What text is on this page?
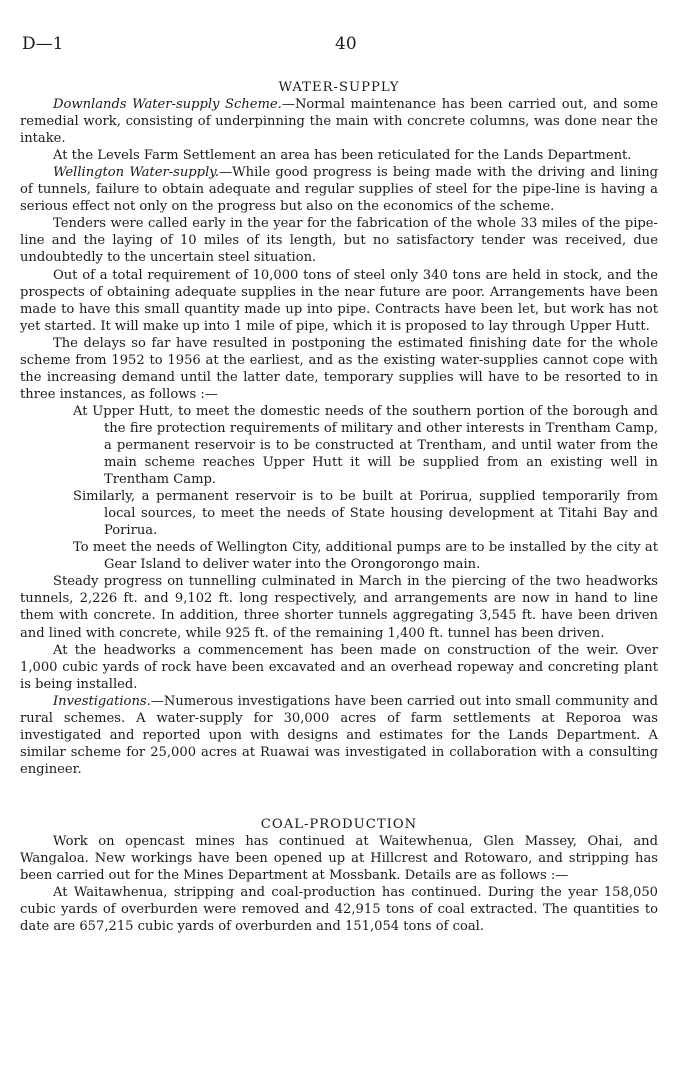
D—1	40
WATER-SUPPLY

Downlands Water-supply Scheme.—Normal maintenance has been carried out, and some remedial work, consisting of underpinning the main with concrete columns, was done near the intake.

At the Levels Farm Settlement an area has been reticulated for the Lands Department.

Wellington Water-supply.—While good progress is being made with the driving and lining of tunnels, failure to obtain adequate and regular supplies of steel for the pipe-line is having a serious effect not only on the progress but also on the economics of the scheme.

Tenders were called early in the year for the fabrication of the whole 33 miles of the pipe-line and the laying of 10 miles of its length, but no satisfactory tender was received, due undoubtedly to the uncertain steel situation.

Out of a total requirement of 10,000 tons of steel only 340 tons are held in stock, and the prospects of obtaining adequate supplies in the near future are poor. Arrangements have been made to have this small quantity made up into pipe. Contracts have been let, but work has not yet started. It will make up into 1 mile of pipe, which it is proposed to lay through Upper Hutt.

The delays so far have resulted in postponing the estimated finishing date for the whole scheme from 1952 to 1956 at the earliest, and as the existing water-supplies cannot cope with the increasing demand until the latter date, temporary supplies will have to be resorted to in three instances, as follows :—

At Upper Hutt, to meet the domestic needs of the southern portion of the borough and the fire protection requirements of military and other interests in Trentham Camp, a permanent reservoir is to be constructed at Trentham, and until water from the main scheme reaches Upper Hutt it will be supplied from an existing well in Trentham Camp.

Similarly, a permanent reservoir is to be built at Porirua, supplied temporarily from local sources, to meet the needs of State housing development at Titahi Bay and Porirua.

To meet the needs of Wellington City, additional pumps are to be installed by the city at Gear Island to deliver water into the Orongorongo main.

Steady progress on tunnelling culminated in March in the piercing of the two headworks tunnels, 2,226 ft. and 9,102 ft. long respectively, and arrangements are now in hand to line them with concrete. In addition, three shorter tunnels aggregating 3,545 ft. have been driven and lined with concrete, while 925 ft. of the remaining 1,400 ft. tunnel has been driven.

At the headworks a commencement has been made on construction of the weir. Over 1,000 cubic yards of rock have been excavated and an overhead ropeway and concreting plant is being installed.

Investigations.—Numerous investigations have been carried out into small community and rural schemes. A water-supply for 30,000 acres of farm settlements at Reporoa was investigated and reported upon with designs and estimates for the Lands Department. A similar scheme for 25,000 acres at Ruawai was investigated in collaboration with a consulting engineer.

COAL-PRODUCTION

Work on opencast mines has continued at Waitewhenua, Glen Massey, Ohai, and Wangaloa. New workings have been opened up at Hillcrest and Rotowaro, and stripping has been carried out for the Mines Department at Mossbank. Details are as follows :—

At Waitawhenua, stripping and coal-production has continued. During the year 158,050 cubic yards of overburden were removed and 42,915 tons of coal extracted. The quantities to date are 657,215 cubic yards of overburden and 151,054 tons of coal.
